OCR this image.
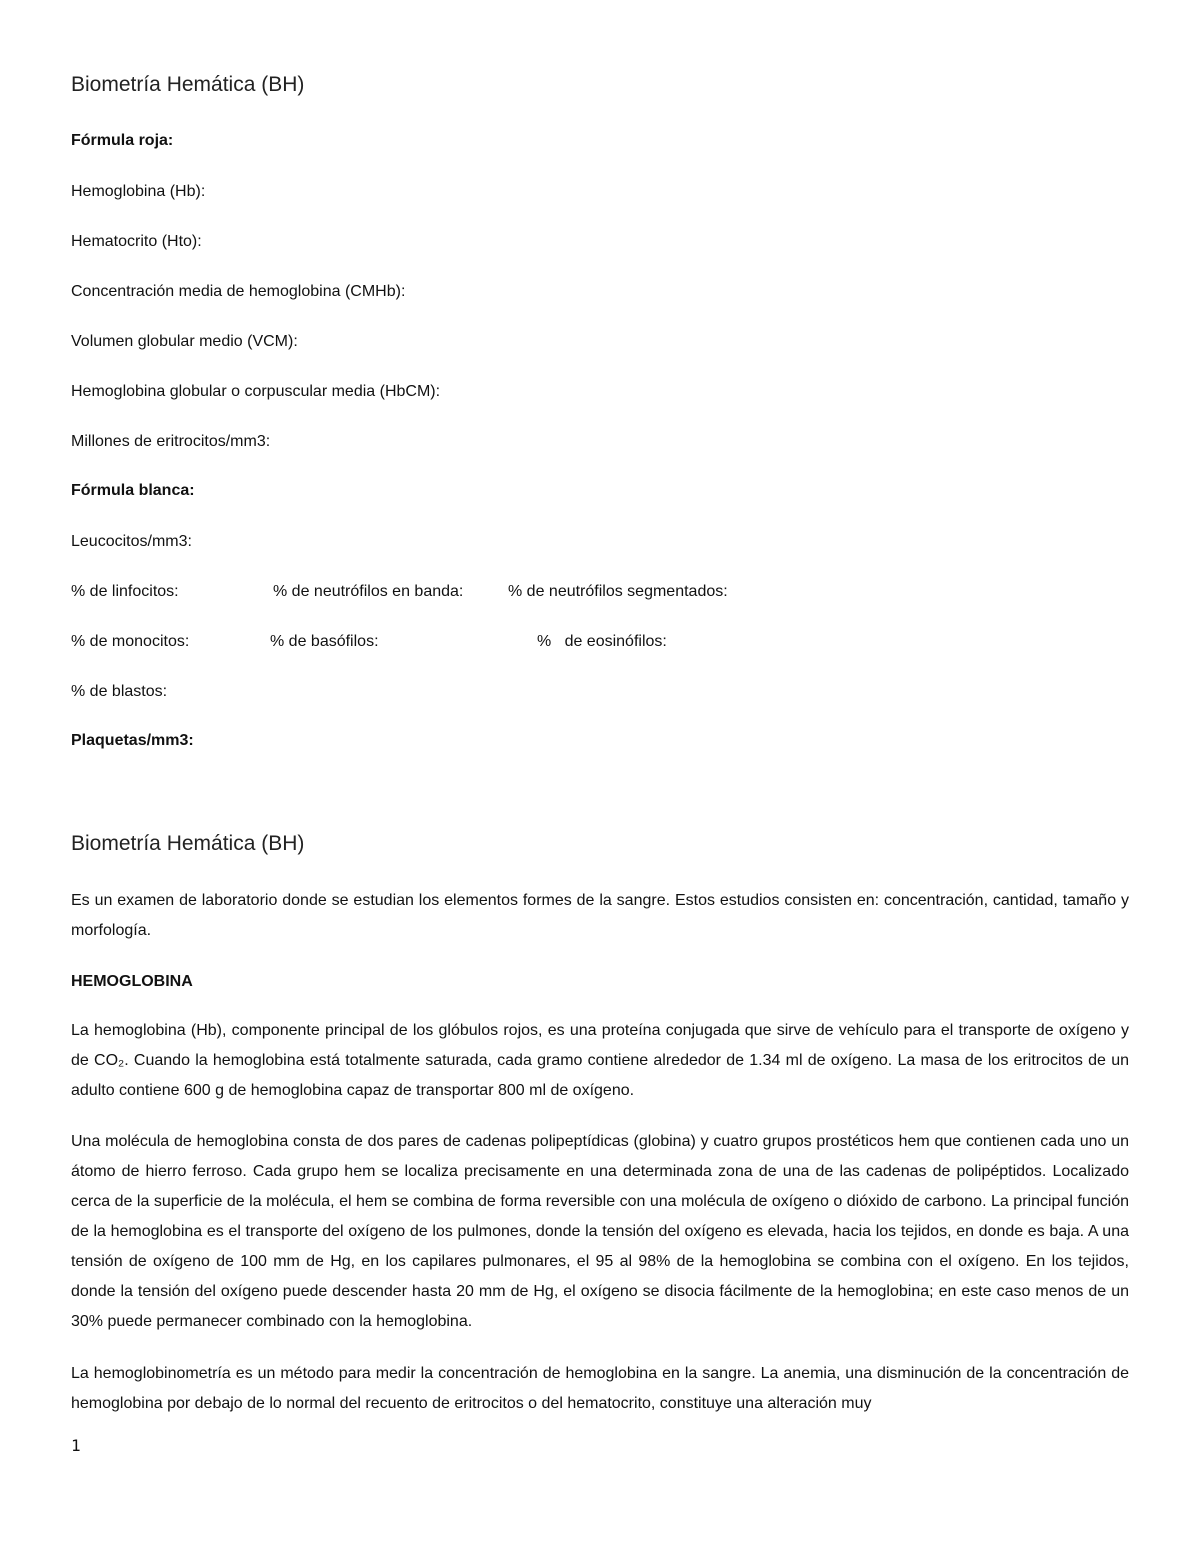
Biometría Hemática (BH)
Fórmula roja:
Hemoglobina (Hb):
Hematocrito (Hto):
Concentración media de hemoglobina (CMHb):
Volumen globular medio (VCM):
Hemoglobina globular o corpuscular media (HbCM):
Millones de eritrocitos/mm3:
Fórmula blanca:
Leucocitos/mm3:
% de linfocitos:	% de neutrófilos en banda:	% de neutrófilos segmentados:
% de monocitos:	% de basófilos:	%   de eosinófilos:
% de blastos:
Plaquetas/mm3:
Biometría Hemática (BH)

Es un examen de laboratorio donde se estudian los elementos formes de la sangre. Estos estudios consisten en: concentración, cantidad, tamaño y morfología.

HEMOGLOBINA

La hemoglobina (Hb), componente principal de los glóbulos rojos, es una proteína conjugada que sirve de vehículo para el transporte de oxígeno y de CO₂. Cuando la hemoglobina está totalmente saturada, cada gramo contiene alrededor de 1.34 ml de oxígeno. La masa de los eritrocitos de un adulto contiene 600 g de hemoglobina capaz de transportar 800 ml de oxígeno.

Una molécula de hemoglobina consta de dos pares de cadenas polipeptídicas (globina) y cuatro grupos prostéticos hem que contienen cada uno un átomo de hierro ferroso. Cada grupo hem se localiza precisamente en una determinada zona de una de las cadenas de polipéptidos. Localizado cerca de la superficie de la molécula, el hem se combina de forma reversible con una molécula de oxígeno o dióxido de carbono. La principal función de la hemoglobina es el transporte del oxígeno de los pulmones, donde la tensión del oxígeno es elevada, hacia los tejidos, en donde es baja. A una tensión de oxígeno de 100 mm de Hg, en los capilares pulmonares, el 95 al 98% de la hemoglobina se combina con el oxígeno. En los tejidos, donde la tensión del oxígeno puede descender hasta 20 mm de Hg, el oxígeno se disocia fácilmente de la hemoglobina; en este caso menos de un 30% puede permanecer combinado con la hemoglobina.

La hemoglobinometría es un método para medir la concentración de hemoglobina en la sangre. La anemia, una disminución de la concentración de hemoglobina por debajo de lo normal del recuento de eritrocitos o del hematocrito, constituye una alteración muy

1
